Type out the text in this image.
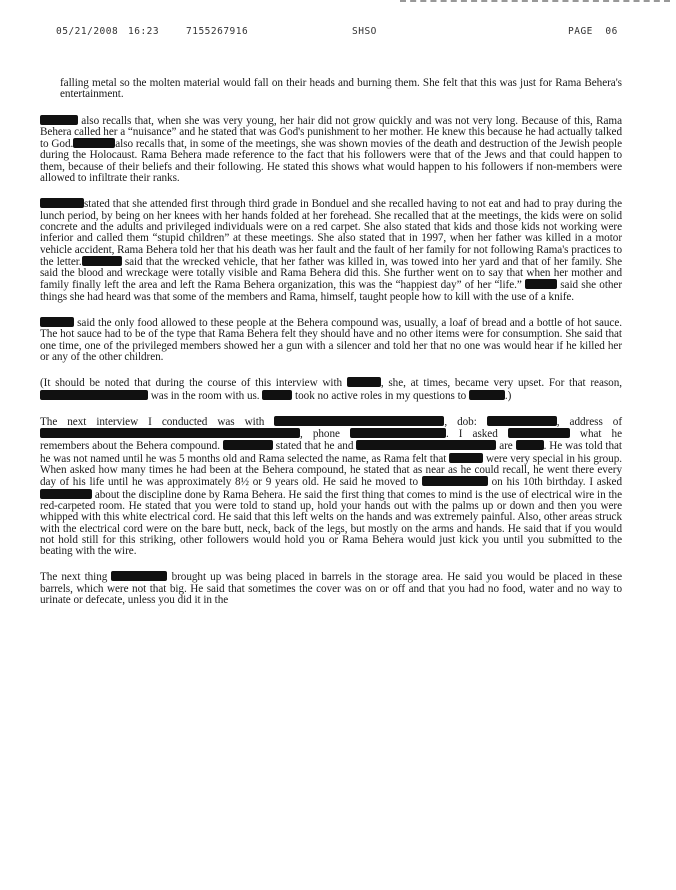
05/21/2008 16:23	7155267916	SHSO	PAGE 06

falling metal so the molten material would fall on their heads and burning them. She felt that this was just for Rama Behera's entertainment.

also recalls that, when she was very young, her hair did not grow quickly and was not very long. Because of this, Rama Behera called her a “nuisance” and he stated that was God's punishment to her mother. He knew this because he had actually talked to God.	also recalls that, in some of the meetings, she was shown movies of the death and destruction of the Jewish people during the Holocaust. Rama Behera made reference to the fact that his followers were that of the Jews and that could happen to them, because of their beliefs and their following. He stated this shows what would happen to his followers if non-members were allowed to infiltrate their ranks.

stated that she attended first through third grade in Bonduel and she recalled having to not eat and had to pray during the lunch period, by being on her knees with her hands folded at her forehead. She recalled that at the meetings, the kids were on solid concrete and the adults and privileged individuals were on a red carpet. She also stated that kids and those kids not working were inferior and called them “stupid children” at these meetings. She also stated that in 1997, when her father was killed in a motor vehicle accident, Rama Behera told her that his death was her fault and the fault of her family for not following Rama's practices to the letter.	said that the wrecked vehicle, that her father was killed in, was towed into her yard and that of her family. She said the blood and wreckage were totally visible and Rama Behera did this. She further went on to say that when her mother and family finally left the area and left the Rama Behera organization, this was the “happiest day” of her “life.”	said she other things she had heard was that some of the members and Rama, himself, taught people how to kill with the use of a knife.

said the only food allowed to these people at the Behera compound was, usually, a loaf of bread and a bottle of hot sauce. The hot sauce had to be of the type that Rama Behera felt they should have and no other items were for consumption. She said that one time, one of the privileged members showed her a gun with a silencer and told her that no one was would hear if he killed her or any of the other children.

(It should be noted that during the course of this interview with	, she, at times, became very upset. For that reason,  was in the room with us.	took no active roles in my questions to	.)

The next interview I conducted was with	, dob:	, address of , phone	. I asked	what he remembers about the Behera compound.	stated that he and	are	. He was told that he was not named until he was 5 months old and Rama selected the name, as Rama felt that	were very special in his group. When asked how many times he had been at the Behera compound, he stated that as near as he could recall, he went there every day of his life until he was approximately 8½ or 9 years old. He said he moved to	on his 10th birthday. I asked  about the discipline done by Rama Behera. He said the first thing that comes to mind is the use of electrical wire in the red-carpeted room. He stated that you were told to stand up, hold your hands out with the palms up or down and then you were whipped with this white electrical cord. He said that this left welts on the hands and was extremely painful. Also, other areas struck with the electrical cord were on the bare butt, neck, back of the legs, but mostly on the arms and hands. He said that if you would not hold still for this striking, other followers would hold you or Rama Behera would just kick you until you submitted to the beating with the wire.

The next thing	brought up was being placed in barrels in the storage area. He said you would be placed in these barrels, which were not that big. He said that sometimes the cover was on or off and that you had no food, water and no way to urinate or defecate, unless you did it in the
